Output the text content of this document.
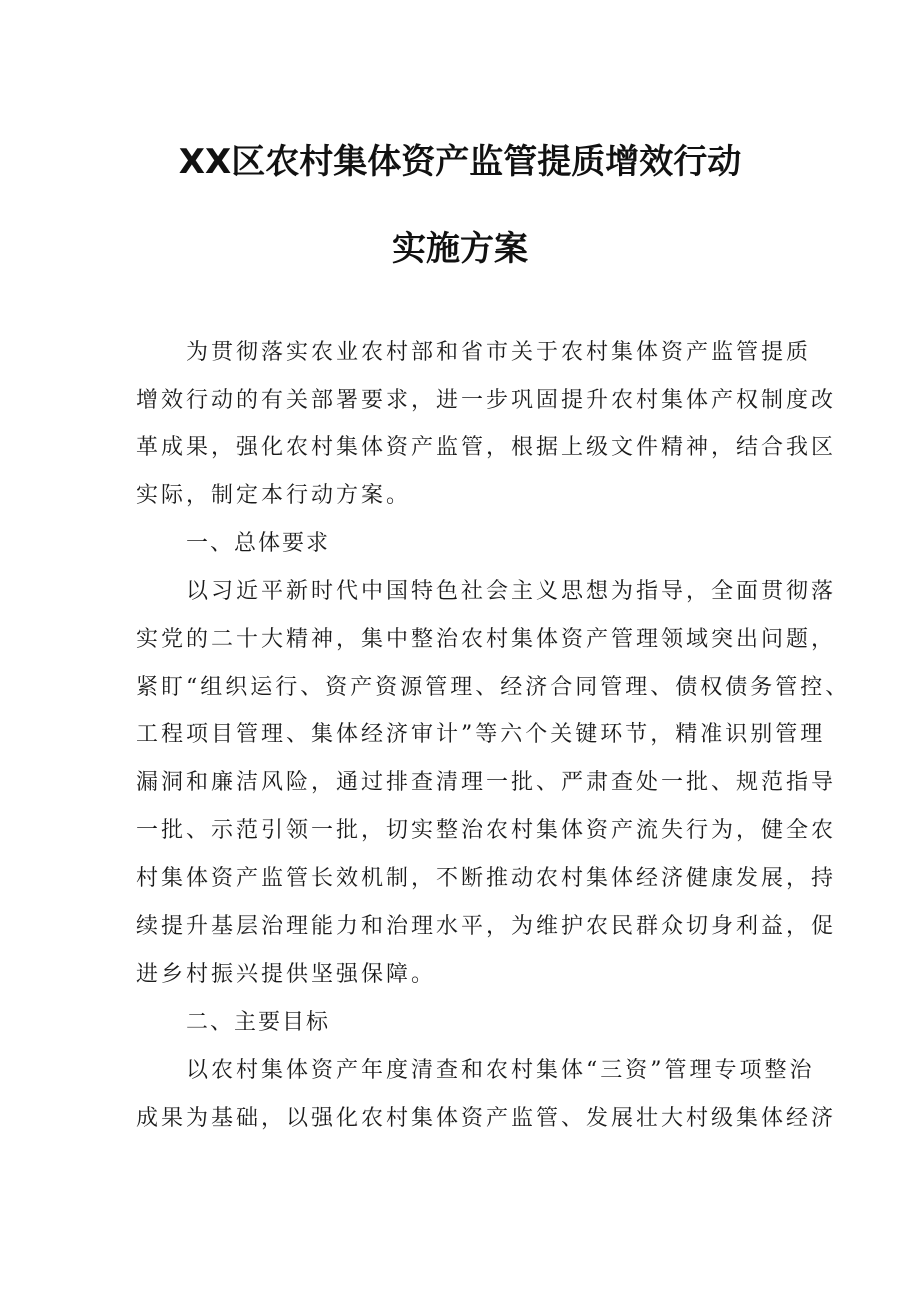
XX区农村集体资产监管提质增效行动
实施方案
为贯彻落实农业农村部和省市关于农村集体资产监管提质
增效行动的有关部署要求，进一步巩固提升农村集体产权制度改
革成果，强化农村集体资产监管，根据上级文件精神，结合我区
实际，制定本行动方案。
一、总体要求
以习近平新时代中国特色社会主义思想为指导，全面贯彻落
实党的二十大精神，集中整治农村集体资产管理领域突出问题，
紧盯“组织运行、资产资源管理、经济合同管理、债权债务管控、
工程项目管理、集体经济审计”等六个关键环节，精准识别管理
漏洞和廉洁风险，通过排查清理一批、严肃查处一批、规范指导
一批、示范引领一批，切实整治农村集体资产流失行为，健全农
村集体资产监管长效机制，不断推动农村集体经济健康发展，持
续提升基层治理能力和治理水平，为维护农民群众切身利益，促
进乡村振兴提供坚强保障。
二、主要目标
以农村集体资产年度清查和农村集体“三资”管理专项整治
成果为基础，以强化农村集体资产监管、发展壮大村级集体经济
